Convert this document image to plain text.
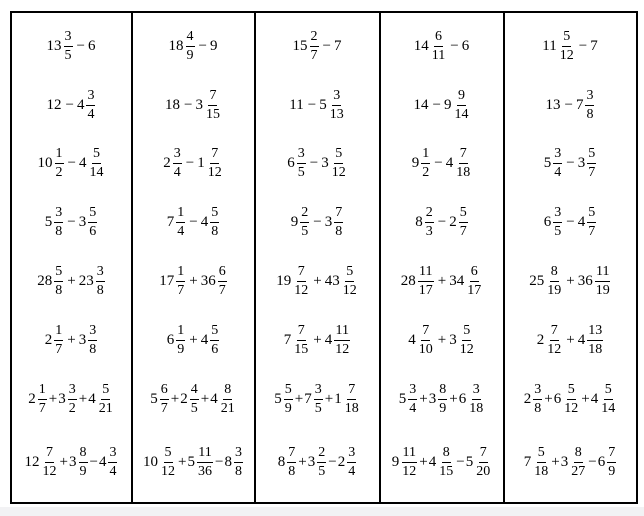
$13 \frac{3}{5} - 6$
$12 - 4 \frac{3}{4}$
$10 \frac{1}{2} - 4 \frac{5}{14}$
$5 \frac{3}{8} - 3 \frac{5}{6}$
$28 \frac{5}{8} + 23 \frac{3}{8}$
$2 \frac{1}{7} + 3 \frac{3}{8}$
$2 \frac{1}{7} + 3 \frac{3}{2} + 4 \frac{5}{21}$
$12 \frac{7}{12} + 3 \frac{8}{9} - 4 \frac{3}{4}$
$18 \frac{4}{9} - 9$
$18 - 3 \frac{7}{15}$
$2 \frac{3}{4} - 1 \frac{7}{12}$
$7 \frac{1}{4} - 4 \frac{5}{8}$
$17 \frac{1}{7} + 36 \frac{6}{7}$
$6 \frac{1}{9} + 4 \frac{5}{6}$
$5 \frac{6}{7} + 2 \frac{4}{5} + 4 \frac{8}{21}$
$10 \frac{5}{12} + 5 \frac{11}{36} - 8 \frac{3}{8}$
$15 \frac{2}{7} - 7$
$11 - 5 \frac{3}{13}$
$6 \frac{3}{5} - 3 \frac{5}{12}$
$9 \frac{2}{5} - 3 \frac{7}{8}$
$19 \frac{7}{12} + 43 \frac{5}{12}$
$7 \frac{7}{15} + 4 \frac{11}{12}$
$5 \frac{5}{9} + 7 \frac{3}{5} + 1 \frac{7}{18}$
$8 \frac{7}{8} + 3 \frac{2}{5} - 2 \frac{3}{4}$
$14 \frac{6}{11} - 6$
$14 - 9 \frac{9}{14}$
$9 \frac{1}{2} - 4 \frac{7}{18}$
$8 \frac{2}{3} - 2 \frac{5}{7}$
$28 \frac{11}{17} + 34 \frac{6}{17}$
$4 \frac{7}{10} + 3 \frac{5}{12}$
$5 \frac{3}{4} + 3 \frac{8}{9} + 6 \frac{3}{18}$
$9 \frac{11}{12} + 4 \frac{8}{15} - 5 \frac{7}{20}$
$11 \frac{5}{12} - 7$
$13 - 7 \frac{3}{8}$
$5 \frac{3}{4} - 3 \frac{5}{7}$
$6 \frac{3}{5} - 4 \frac{5}{7}$
$25 \frac{8}{19} + 36 \frac{11}{19}$
$2 \frac{7}{12} + 4 \frac{13}{18}$
$2 \frac{3}{8} + 6 \frac{5}{12} + 4 \frac{5}{14}$
$7 \frac{5}{18} + 3 \frac{8}{27} - 6 \frac{7}{9}$
